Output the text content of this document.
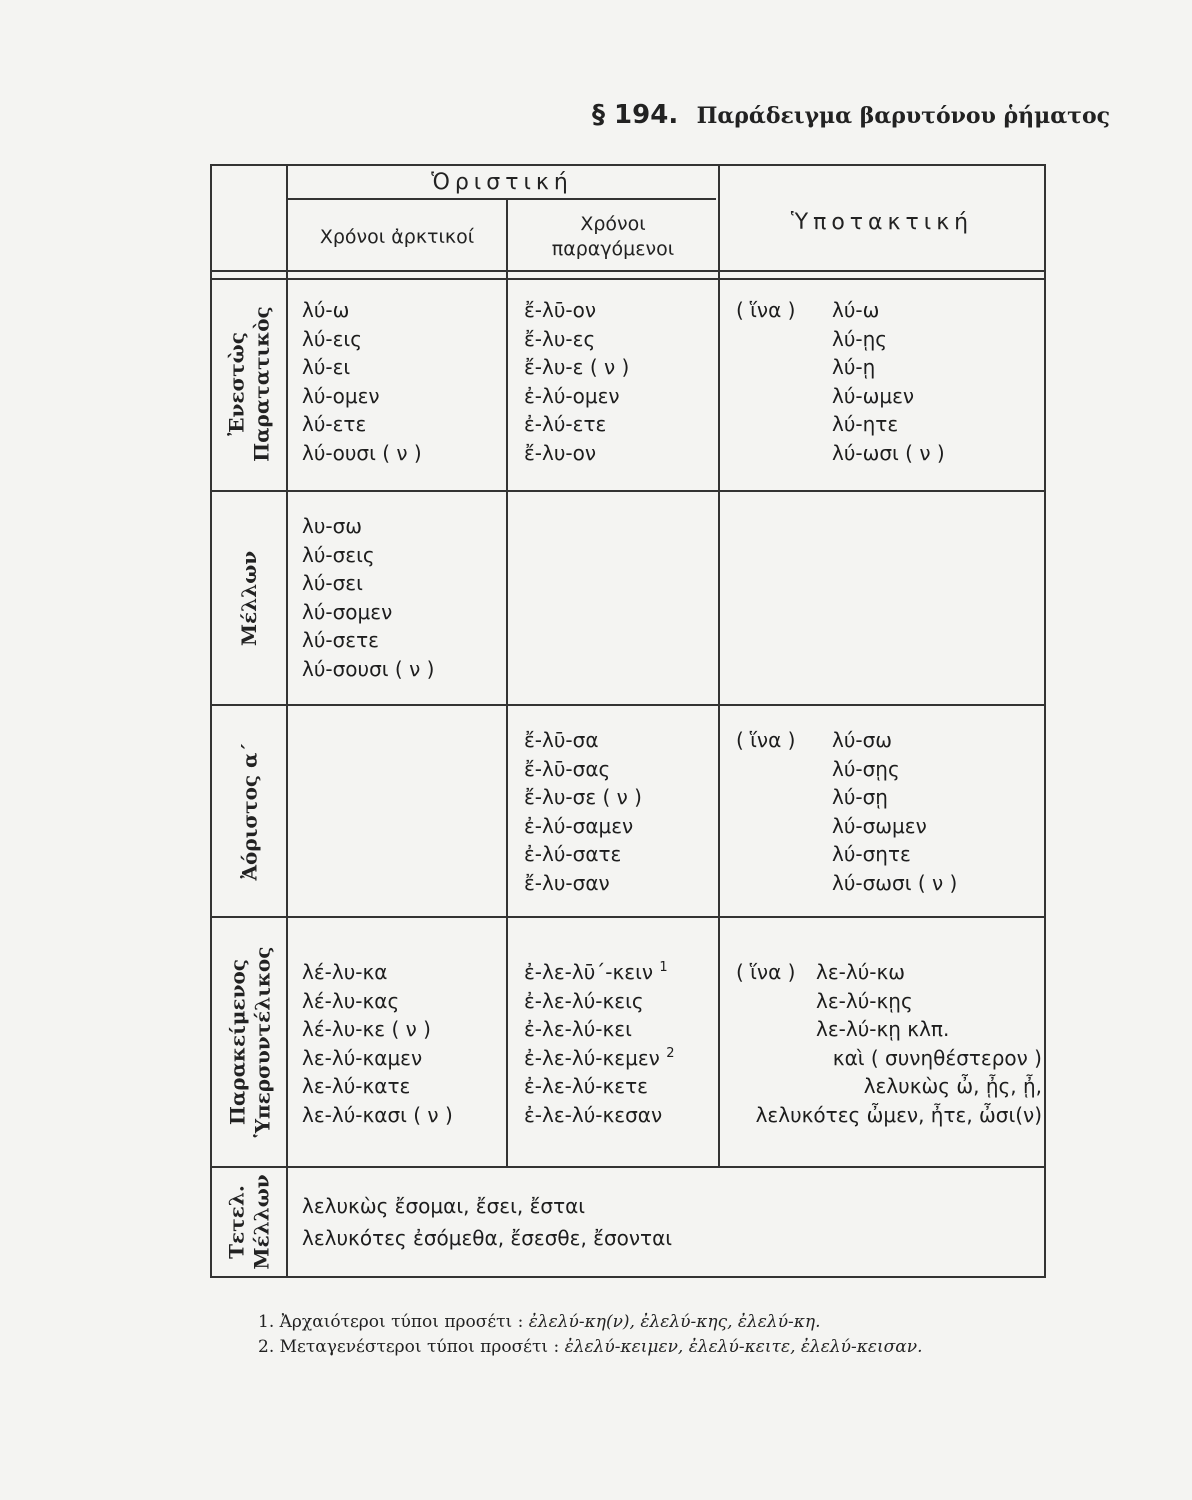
§ 194. Παράδειγμα βαρυτόνου ῥήματος
Ὁριστική
Χρόνοι ἀρκτικοί
Χρόνοι
παραγόμενοι
Ὑποτακτική
Ἐνεστὼς Παρατατικὸς λύ-ω
λύ-εις
λύ-ει
λύ-ομεν
λύ-ετε
λύ-ουσι ( ν )
ἔ-λῡ-ον
ἔ-λυ-ες
ἔ-λυ-ε ( ν )
ἐ-λύ-ομεν
ἐ-λύ-ετε
ἔ-λυ-ον
( ἵνα ) λύ-ω
λύ-ῃς
λύ-ῃ
λύ-ωμεν
λύ-ητε
λύ-ωσι ( ν )
Μέλλων
λυ-σω
λύ-σεις
λύ-σει
λύ-σομεν
λύ-σετε
λύ-σουσι ( ν )
Ἀόριστος α΄
ἔ-λῡ-σα
ἔ-λῡ-σας
ἔ-λυ-σε ( ν )
ἐ-λύ-σαμεν
ἐ-λύ-σατε
ἔ-λυ-σαν
( ἵνα ) λύ-σω
λύ-σῃς
λύ-σῃ
λύ-σωμεν
λύ-σητε
λύ-σωσι ( ν )
Παρακείμενος Ὑπερσυντέλικος λέ-λυ-κα
λέ-λυ-κας
λέ-λυ-κε ( ν )
λε-λύ-καμεν
λε-λύ-κατε
λε-λύ-κασι ( ν )
ἐ-λε-λῡ΄-κειν $^1$
ἐ-λε-λύ-κεις
ἐ-λε-λύ-κει
ἐ-λε-λύ-κεμεν $^2$
ἐ-λε-λύ-κετε
ἐ-λε-λύ-κεσαν
( ἵνα ) λε-λύ-κω
λε-λύ-κῃς
λε-λύ-κῃ κλπ.
καὶ ( συνηθέστερον )
λελυκὼς ὦ, ᾖς, ᾖ,
λελυκότες ὦμεν, ἦτε, ὦσι(ν)
Τετελ. Μέλλων λελυκὼς ἔσομαι, ἔσει, ἔσται
λελυκότες ἐσόμεθα, ἔσεσθε, ἔσονται
1. Ἀρχαιότεροι τύποι προσέτι : ἐλελύ-κη(ν), ἐλελύ-κης, ἐλελύ-κη.
2. Μεταγενέστεροι τύποι προσέτι : ἐλελύ-κειμεν, ἐλελύ-κειτε, ἐλελύ-κεισαν.
